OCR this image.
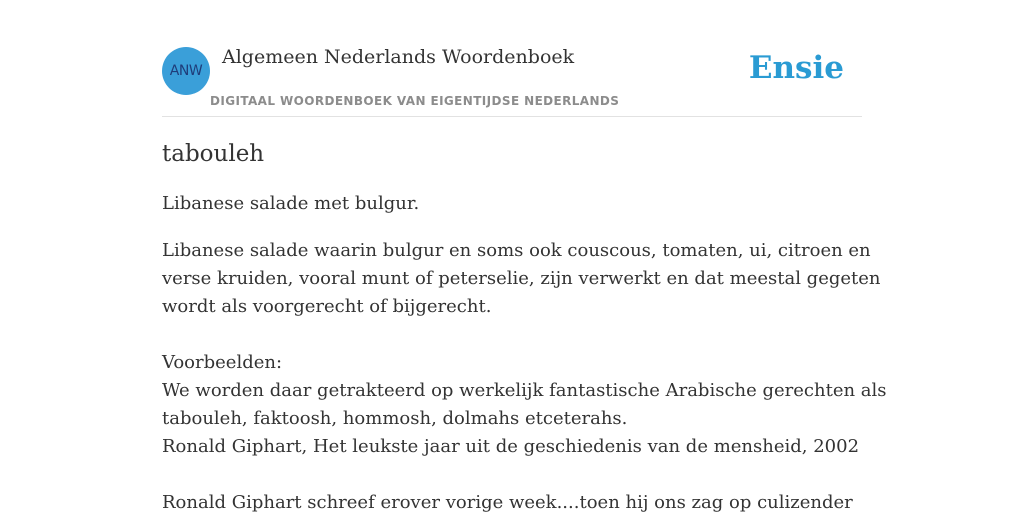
ANW
Algemeen Nederlands Woordenboek
DIGITAAL WOORDENBOEK VAN EIGENTIJDSE NEDERLANDS
Ensie
tabouleh

Libanese salade met bulgur.

Libanese salade waarin bulgur en soms ook couscous, tomaten, ui, citroen en
verse kruiden, vooral munt of peterselie, zijn verwerkt en dat meestal gegeten
wordt als voorgerecht of bijgerecht.
Voorbeelden:
We worden daar getrakteerd op werkelijk fantastische Arabische gerechten als
tabouleh, faktoosh, hommosh, dolmahs etceterahs.
Ronald Giphart, Het leukste jaar uit de geschiedenis van de mensheid, 2002
Ronald Giphart schreef erover vorige week....toen hij ons zag op culizender
